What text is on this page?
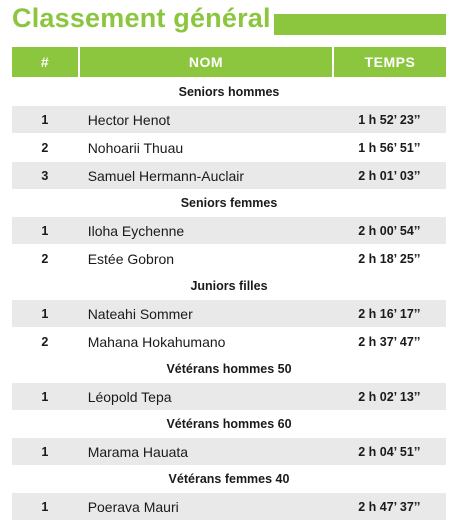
Classement général
#	NOM	TEMPS
Seniors hommes
1	Hector Henot	1 h 52’ 23’’
2	Nohoarii Thuau	1 h 56’ 51’’
3	Samuel Hermann-Auclair	2 h 01’ 03’’
Seniors femmes
1	Iloha Eychenne	2 h 00’ 54’’
2	Estée Gobron	2 h 18’ 25’’
Juniors filles
1	Nateahi Sommer	2 h 16’ 17’’
2	Mahana Hokahumano	2 h 37’ 47’’
Vétérans hommes 50
1	Léopold Tepa	2 h 02’ 13’’
Vétérans hommes 60
1	Marama Hauata	2 h 04’ 51’’
Vétérans femmes 40
1	Poerava Mauri	2 h 47’ 37’’
